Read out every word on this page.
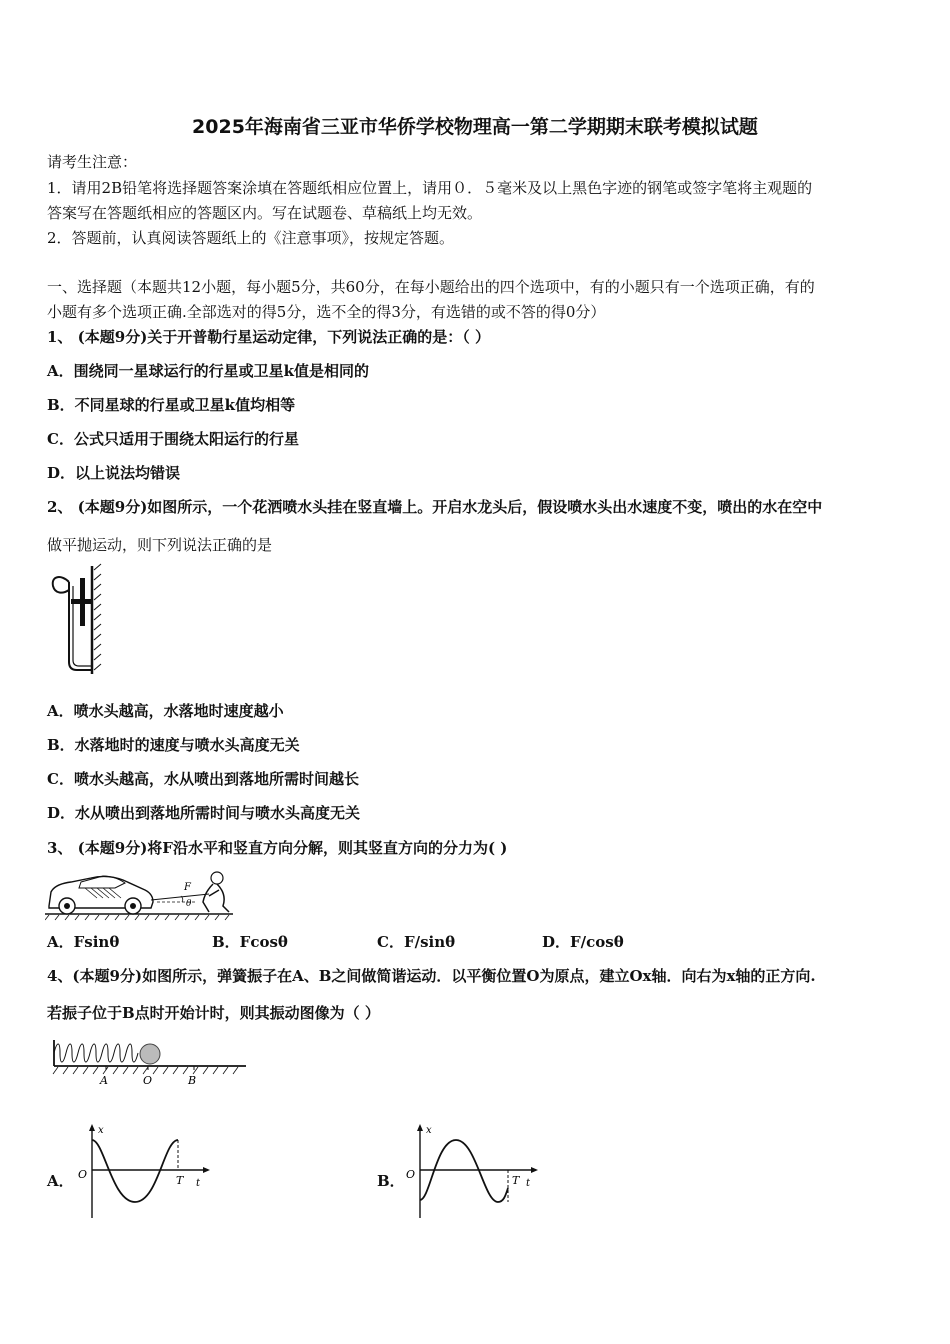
2025年海南省三亚市华侨学校物理高一第二学期期末联考模拟试题
请考生注意：
1．请用2B铅笔将选择题答案涂填在答题纸相应位置上，请用０．５毫米及以上黑色字迹的钢笔或签字笔将主观题的
答案写在答题纸相应的答题区内。写在试题卷、草稿纸上均无效。
2．答题前，认真阅读答题纸上的《注意事项》，按规定答题。
一、选择题（本题共12小题，每小题5分，共60分，在每小题给出的四个选项中，有的小题只有一个选项正确，有的
小题有多个选项正确.全部选对的得5分，选不全的得3分，有选错的或不答的得0分）
1、 (本题9分)关于开普勒行星运动定律，下列说法正确的是：（ ）
A．围绕同一星球运行的行星或卫星k值是相同的
B．不同星球的行星或卫星k值均相等
C．公式只适用于围绕太阳运行的行星
D．以上说法均错误
2、 (本题9分)如图所示，一个花洒喷水头挂在竖直墙上。开启水龙头后，假设喷水头出水速度不变，喷出的水在空中
做平抛运动，则下列说法正确的是
A．喷水头越高，水落地时速度越小
B．水落地时的速度与喷水头高度无关
C．喷水头越高，水从喷出到落地所需时间越长
D．水从喷出到落地所需时间与喷水头高度无关
3、 (本题9分)将F沿水平和竖直方向分解，则其竖直方向的分力为( )
F
θ
A．Fsinθ	B．Fcosθ	C．F/sinθ	D．F/cosθ
4、(本题9分)如图所示，弹簧振子在A、B之间做简谐运动．以平衡位置O为原点，建立Ox轴．向右为x轴的正方向.
若振子位于B点时开始计时，则其振动图像为（ ）
A	O	B
A．
x
O	T t	B．
x
O	T t
